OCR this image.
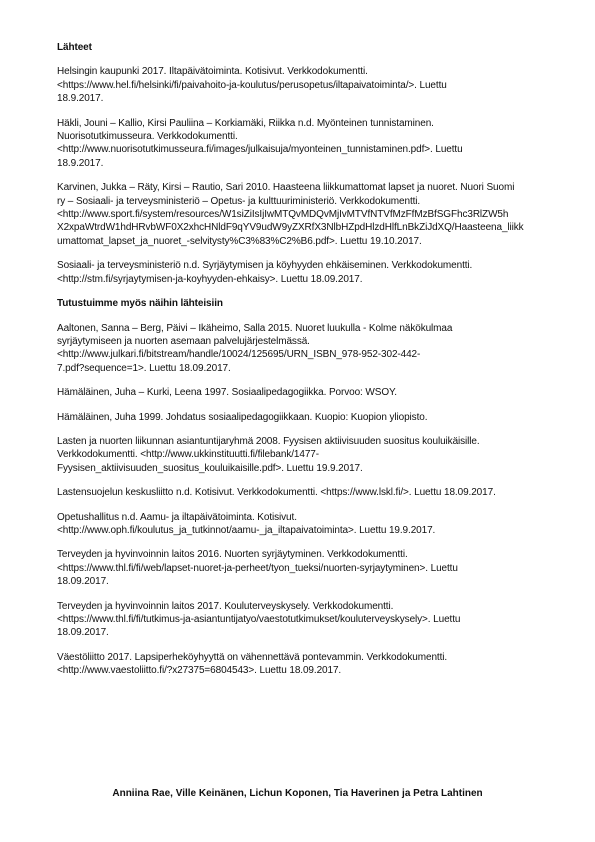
Lähteet
Helsingin kaupunki 2017. Iltapäivätoiminta. Kotisivut. Verkkodokumentti.
<https://www.hel.fi/helsinki/fi/paivahoito-ja-koulutus/perusopetus/iltapaivatoiminta/>. Luettu
18.9.2017.
Häkli, Jouni – Kallio, Kirsi Pauliina – Korkiamäki, Riikka n.d. Myönteinen tunnistaminen.
Nuorisotutkimusseura. Verkkodokumentti.
<http://www.nuorisotutkimusseura.fi/images/julkaisuja/myonteinen_tunnistaminen.pdf>. Luettu
18.9.2017.
Karvinen, Jukka – Räty, Kirsi – Rautio, Sari 2010. Haasteena liikkumattomat lapset ja nuoret. Nuori Suomi
ry – Sosiaali- ja terveysministeriö – Opetus- ja kulttuuriministeriö. Verkkodokumentti.
<http://www.sport.fi/system/resources/W1siZiIsIjIwMTQvMDQvMjIvMTVfNTVfMzFfMzBfSGFhc3RlZW5h
X2xpaWtrdW1hdHRvbWF0X2xhcHNldF9qYV9udW9yZXRfX3NlbHZpdHlzdHlfLnBkZiJdXQ/Haasteena_liikk
umattomat_lapset_ja_nuoret_-selvitysty%C3%83%C2%B6.pdf>. Luettu 19.10.2017.
Sosiaali- ja terveysministeriö n.d. Syrjäytymisen ja köyhyyden ehkäiseminen. Verkkodokumentti.
<http://stm.fi/syrjaytymisen-ja-koyhyyden-ehkaisy>. Luettu 18.09.2017.
Tutustuimme myös näihin lähteisiin
Aaltonen, Sanna – Berg, Päivi – Ikäheimo, Salla 2015. Nuoret luukulla - Kolme näkökulmaa
syrjäytymiseen ja nuorten asemaan palvelujärjestelmässä.
<http://www.julkari.fi/bitstream/handle/10024/125695/URN_ISBN_978-952-302-442-
7.pdf?sequence=1>. Luettu 18.09.2017.
Hämäläinen, Juha – Kurki, Leena 1997. Sosiaalipedagogiikka. Porvoo: WSOY.
Hämäläinen, Juha 1999. Johdatus sosiaalipedagogiikkaan. Kuopio: Kuopion yliopisto.
Lasten ja nuorten liikunnan asiantuntijaryhmä 2008. Fyysisen aktiivisuuden suositus kouluikäisille.
Verkkodokumentti. <http://www.ukkinstituutti.fi/filebank/1477-
Fyysisen_aktiivisuuden_suositus_kouluikaisille.pdf>. Luettu 19.9.2017.
Lastensuojelun keskusliitto n.d. Kotisivut. Verkkodokumentti. <https://www.lskl.fi/>. Luettu 18.09.2017.
Opetushallitus n.d. Aamu- ja iltapäivätoiminta. Kotisivut.
<http://www.oph.fi/koulutus_ja_tutkinnot/aamu-_ja_iltapaivatoiminta>. Luettu 19.9.2017.
Terveyden ja hyvinvoinnin laitos 2016. Nuorten syrjäytyminen. Verkkodokumentti.
<https://www.thl.fi/fi/web/lapset-nuoret-ja-perheet/tyon_tueksi/nuorten-syrjaytyminen>. Luettu
18.09.2017.
Terveyden ja hyvinvoinnin laitos 2017. Kouluterveyskysely. Verkkodokumentti.
<https://www.thl.fi/fi/tutkimus-ja-asiantuntijatyo/vaestotutkimukset/kouluterveyskysely>. Luettu
18.09.2017.
Väestöliitto 2017. Lapsiperheköyhyyttä on vähennettävä pontevammin. Verkkodokumentti.
<http://www.vaestoliitto.fi/?x27375=6804543>. Luettu 18.09.2017.
Anniina Rae, Ville Keinänen, Lichun Koponen, Tia Haverinen ja Petra Lahtinen
